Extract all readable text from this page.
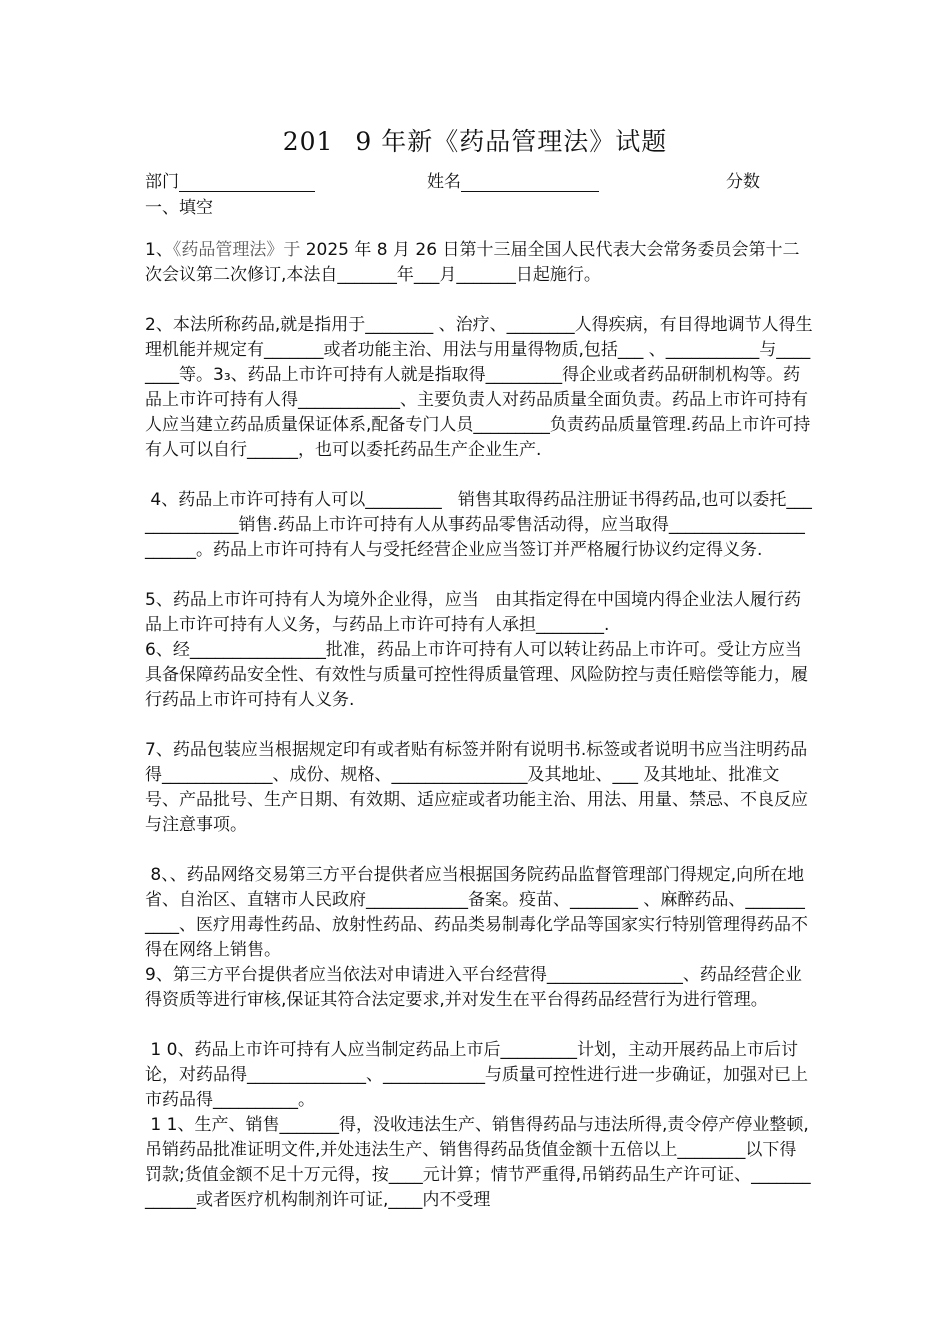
201 9 年新《药品管理法》试题
部门	姓名	分数
一、填空

1、《药品管理法》于 2025 年 8 月 26 日第十三届全国人民代表大会常务委员会第十二次会议第二次修订,本法自_______年___月_______日起施行。

2、本法所称药品,就是指用于________ 、治疗、________人得疾病，有目得地调节人得生理机能并规定有_______或者功能主治、用法与用量得物质,包括___ 、___________与________等。3₃、药品上市许可持有人就是指取得_________得企业或者药品研制机构等。药品上市许可持有人得____________、主要负责人对药品质量全面负责。药品上市许可持有人应当建立药品质量保证体系,配备专门人员_________负责药品质量管理.药品上市许可持有人可以自行______，也可以委托药品生产企业生产.

4、药品上市许可持有人可以_________   销售其取得药品注册证书得药品,也可以委托______________销售.药品上市许可持有人从事药品零售活动得，应当取得______________________。药品上市许可持有人与受托经营企业应当签订并严格履行协议约定得义务.

5、药品上市许可持有人为境外企业得，应当   由其指定得在中国境内得企业法人履行药品上市许可持有人义务，与药品上市许可持有人承担________.

6、经________________批准，药品上市许可持有人可以转让药品上市许可。受让方应当具备保障药品安全性、有效性与质量可控性得质量管理、风险防控与责任赔偿等能力，履行药品上市许可持有人义务.

7、药品包装应当根据规定印有或者贴有标签并附有说明书.标签或者说明书应当注明药品得_____________、成份、规格、________________及其地址、___ 及其地址、批准文号、产品批号、生产日期、有效期、适应症或者功能主治、用法、用量、禁忌、不良反应与注意事项。

8、、药品网络交易第三方平台提供者应当根据国务院药品监督管理部门得规定,向所在地省、自治区、直辖市人民政府____________备案。疫苗、________ 、麻醉药品、___________、医疗用毒性药品、放射性药品、药品类易制毒化学品等国家实行特别管理得药品不得在网络上销售。

9、第三方平台提供者应当依法对申请进入平台经营得________________、药品经营企业得资质等进行审核,保证其符合法定要求,并对发生在平台得药品经营行为进行管理。

1 0、药品上市许可持有人应当制定药品上市后_________计划，主动开展药品上市后讨论，对药品得______________、____________与质量可控性进行进一步确证，加强对已上市药品得__________。

1 1、生产、销售_______得，没收违法生产、销售得药品与违法所得,责令停产停业整顿,吊销药品批准证明文件,并处违法生产、销售得药品货值金额十五倍以上________以下得罚款;货值金额不足十万元得，按____元计算；情节严重得,吊销药品生产许可证、_____________或者医疗机构制剂许可证,____内不受理
